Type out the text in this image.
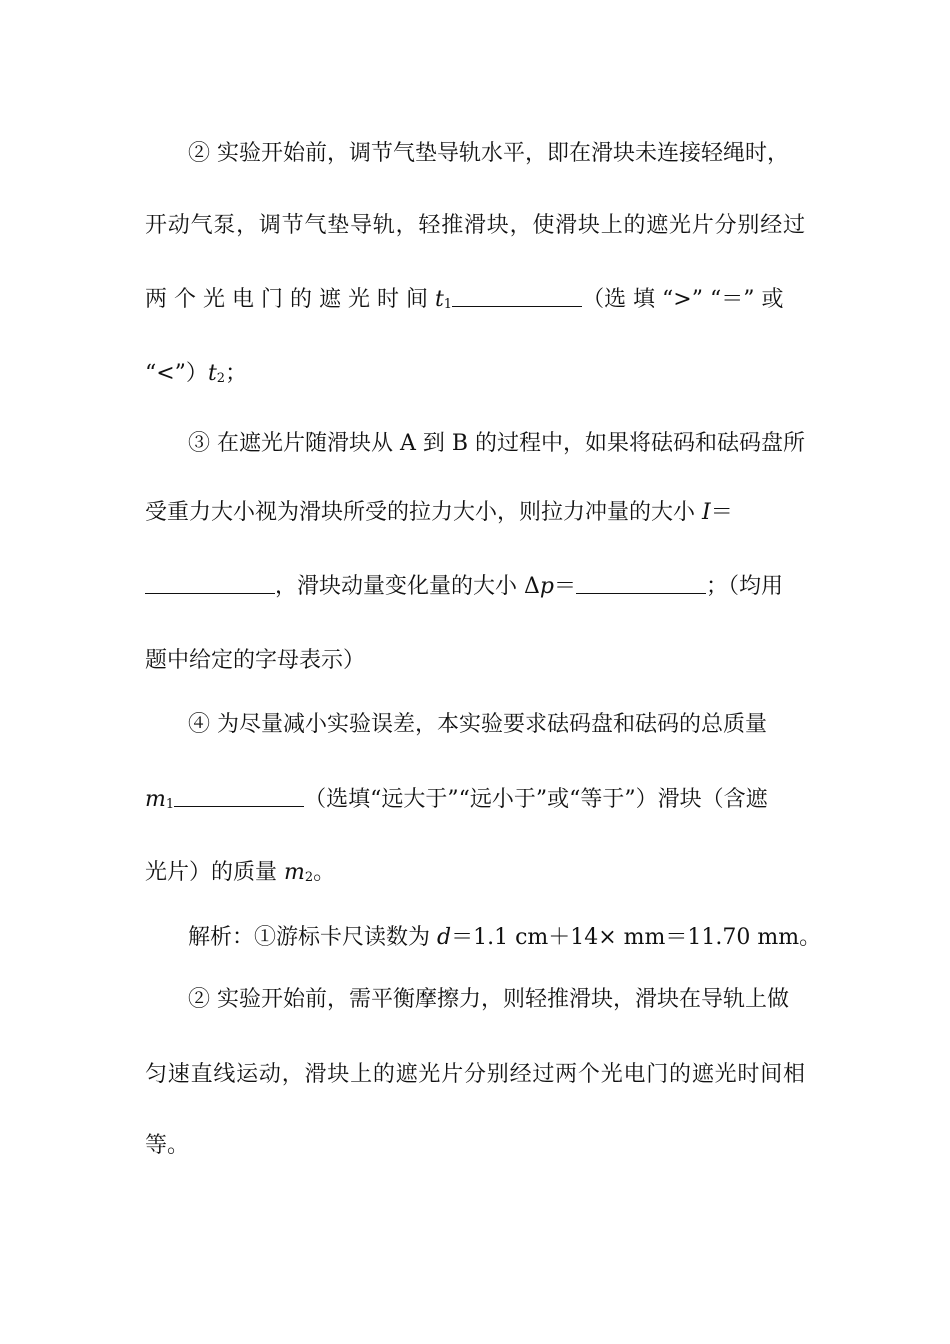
② 实验开始前，调节气垫导轨水平，即在滑块未连接轻绳时，
开动气泵，调节气垫导轨，轻推滑块，使滑块上的遮光片分别经过
两 个 光 电 门 的 遮 光 时 间 $t_1$	（选 填 “>” “＝” 或
“$<”)t_2$；
③ 在遮光片随滑块从 A 到 B 的过程中，如果将砝码和砝码盘所
受重力大小视为滑块所受的拉力大小，则拉力冲量的大小 I＝
，滑块动量变化量的大小 Δp＝	；（均用
题中给定的字母表示）
④ 为尽量减小实验误差，本实验要求砝码盘和砝码的总质量
$m_1$	（选填“远大于”“远小于”或“等于”）滑块（含遮
光片）的质量 $m_2$。
解析：①游标卡尺读数为 d＝1.1 cm＋14× mm＝11.70 mm。
② 实验开始前，需平衡摩擦力，则轻推滑块，滑块在导轨上做
匀速直线运动，滑块上的遮光片分别经过两个光电门的遮光时间相
等。
